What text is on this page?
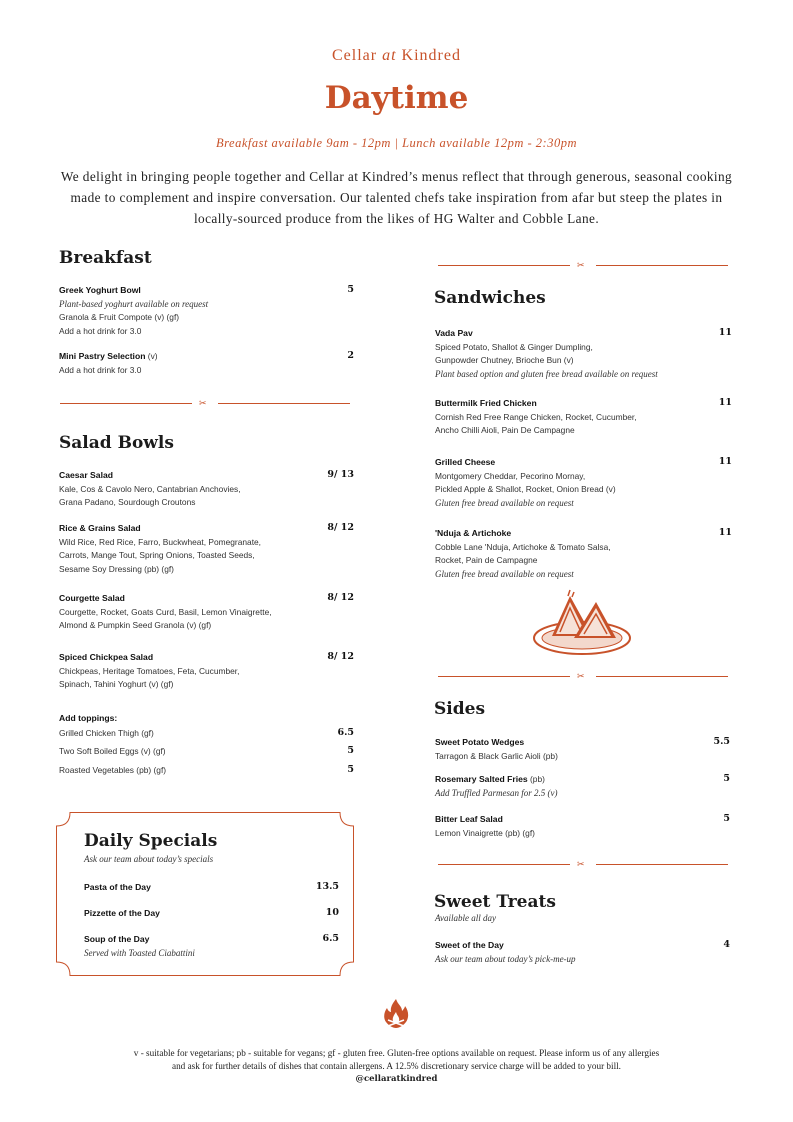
Cellar at Kindred
Daytime
Breakfast available 9am - 12pm | Lunch available 12pm - 2:30pm
We delight in bringing people together and Cellar at Kindred’s menus reflect that through generous, seasonal cooking made to complement and inspire conversation. Our talented chefs take inspiration from afar but steep the plates in locally-sourced produce from the likes of HG Walter and Cobble Lane.
Breakfast
Greek Yoghurt Bowl
Plant-based yoghurt available on request
Granola & Fruit Compote (v) (gf)
Add a hot drink for 3.0
5
Mini Pastry Selection (v)
Add a hot drink for 3.0
2
✂
Salad Bowls
Caesar Salad
Kale, Cos & Cavolo Nero, Cantabrian Anchovies,
Grana Padano, Sourdough Croutons
9/ 13
Rice & Grains Salad
Wild Rice, Red Rice, Farro, Buckwheat, Pomegranate,
Carrots, Mange Tout, Spring Onions, Toasted Seeds,
Sesame Soy Dressing (pb) (gf)
8/ 12
Courgette Salad
Courgette, Rocket, Goats Curd, Basil, Lemon Vinaigrette,
Almond & Pumpkin Seed Granola (v) (gf)
8/ 12
Spiced Chickpea Salad
Chickpeas, Heritage Tomatoes, Feta, Cucumber,
Spinach, Tahini Yoghurt (v) (gf)
8/ 12
Add toppings:
Grilled Chicken Thigh (gf)	6.5
Two Soft Boiled Eggs (v) (gf)	5
Roasted Vegetables (pb) (gf)	5
Daily Specials
Ask our team about today’s specials
Pasta of the Day	13.5
Pizzette of the Day	10
Soup of the Day
Served with Toasted Ciabattini
6.5
✂
Sandwiches
Vada Pav
Spiced Potato, Shallot & Ginger Dumpling,
Gunpowder Chutney, Brioche Bun (v)
Plant based option and gluten free bread available on request
11
Buttermilk Fried Chicken
Cornish Red Free Range Chicken, Rocket, Cucumber,
Ancho Chilli Aioli, Pain De Campagne
11
Grilled Cheese
Montgomery Cheddar, Pecorino Mornay,
Pickled Apple & Shallot, Rocket, Onion Bread (v)
Gluten free bread available on request
11
'Nduja & Artichoke
Cobble Lane 'Nduja, Artichoke & Tomato Salsa,
Rocket, Pain de Campagne
Gluten free bread available on request
11
✂
Sides
Sweet Potato Wedges
Tarragon & Black Garlic Aioli (pb)
5.5
Rosemary Salted Fries (pb)
Add Truffled Parmesan for 2.5 (v)
5
Bitter Leaf Salad
Lemon Vinaigrette (pb) (gf)
5
✂
Sweet Treats
Available all day
Sweet of the Day
Ask our team about today’s pick-me-up
4
v - suitable for vegetarians; pb - suitable for vegans; gf - gluten free. Gluten-free options available on request. Please inform us of any allergies
and ask for further details of dishes that contain allergens. A 12.5% discretionary service charge will be added to your bill.
@cellaratkindred
